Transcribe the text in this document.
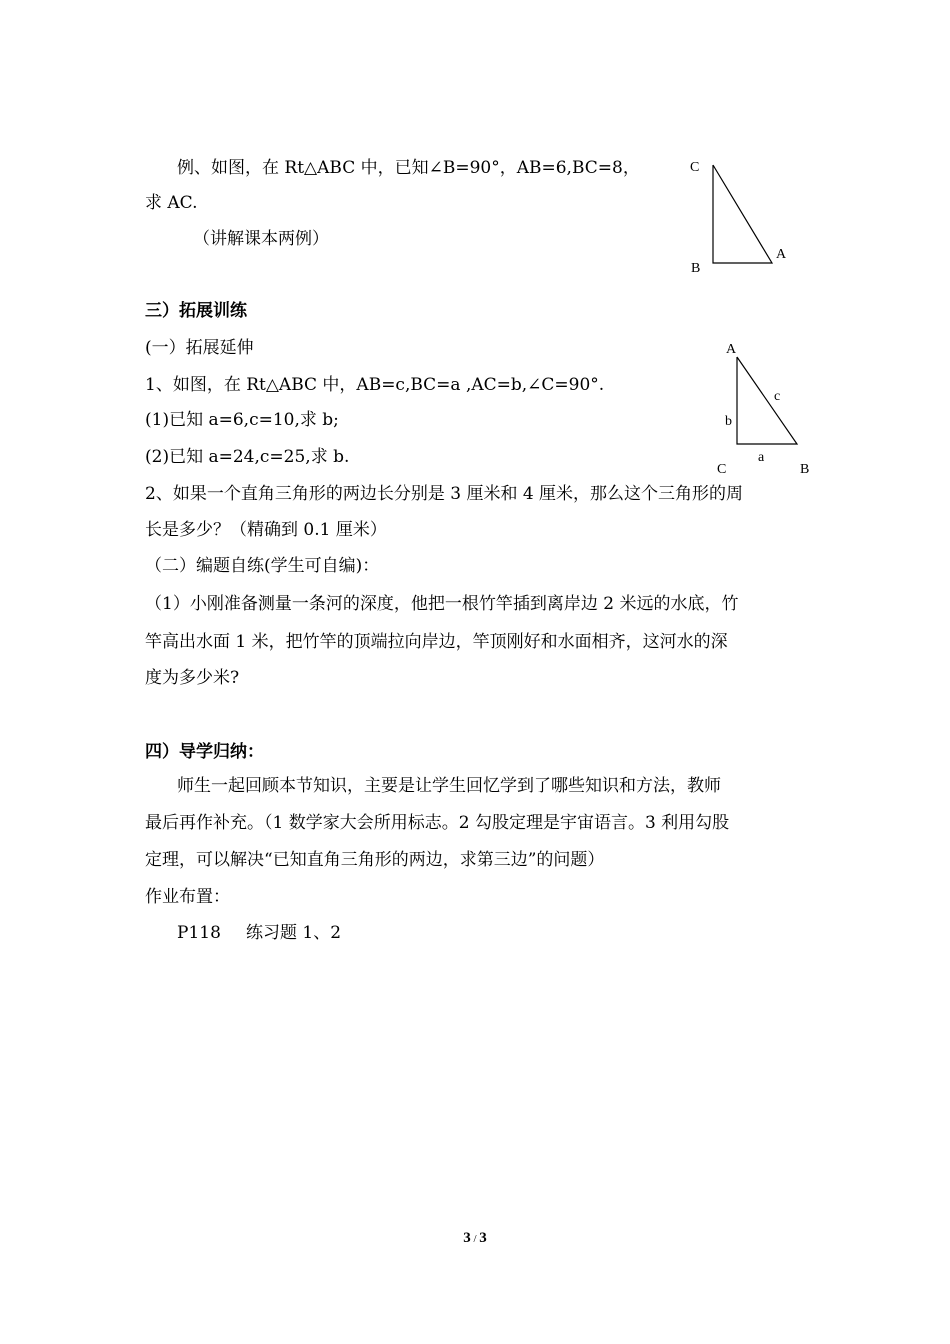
例、如图，在 Rt△ABC 中，已知∠B=90°，AB=6,BC=8，
求 AC.
（讲解课本两例）
C
A
B
三）拓展训练
(一）拓展延伸
1、如图，在 Rt△ABC 中，AB=c,BC=a ,AC=b,∠C=90°.
(1)已知 a=6,c=10,求 b;
(2)已知 a=24,c=25,求 b.
2、如果一个直角三角形的两边长分别是 3 厘米和 4 厘米，那么这个三角形的周
长是多少？（精确到 0.1 厘米）
（二）编题自练(学生可自编)：
（1）小刚准备测量一条河的深度，他把一根竹竿插到离岸边 2 米远的水底，竹
竿高出水面 1 米，把竹竿的顶端拉向岸边，竿顶刚好和水面相齐，这河水的深
度为多少米?
A
c
b
a
C	B
四）导学归纳：
师生一起回顾本节知识，主要是让学生回忆学到了哪些知识和方法，教师
最后再作补充。（1 数学家大会所用标志。2 勾股定理是宇宙语言。3 利用勾股
定理，可以解决“已知直角三角形的两边，求第三边”的问题）
作业布置：
P118 练习题 1、2
3 / 3
